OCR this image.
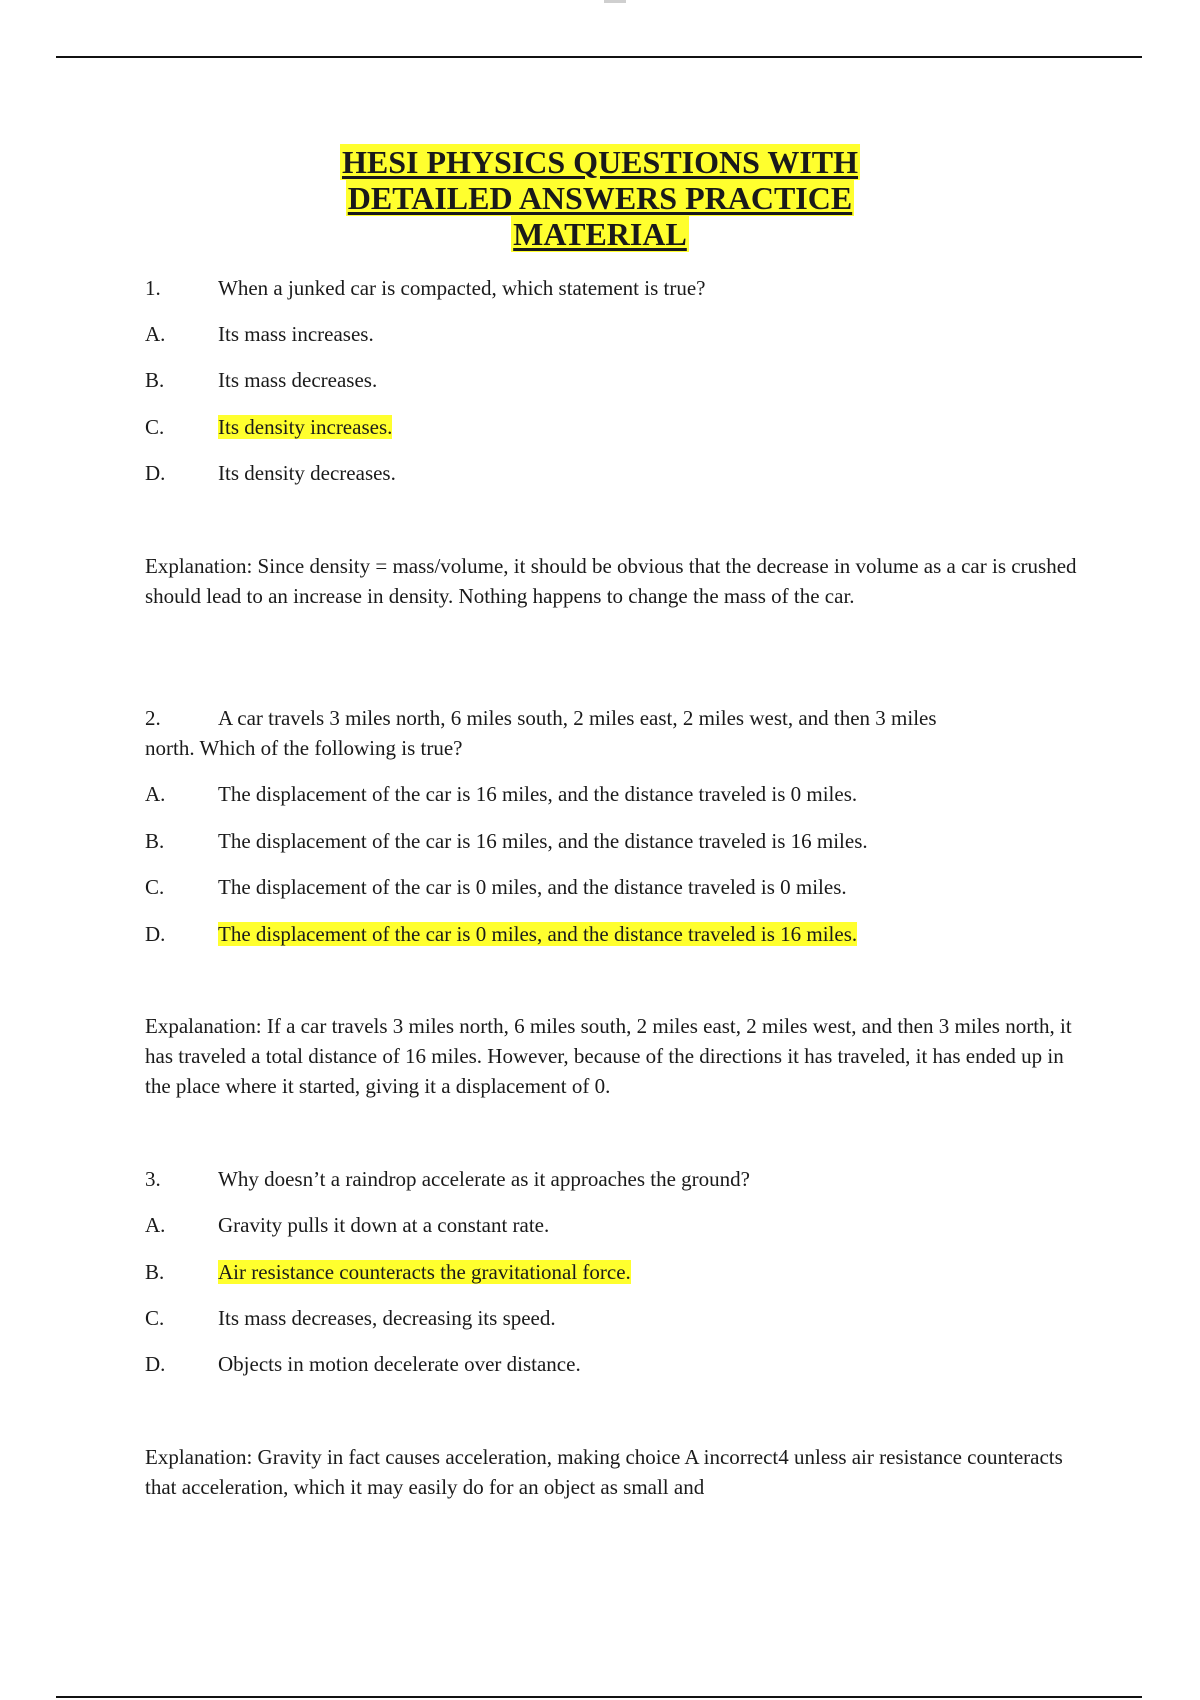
HESI PHYSICS QUESTIONS WITH
DETAILED ANSWERS PRACTICE
MATERIAL
1.	When a junked car is compacted, which statement is true?
A.	Its mass increases.
B.	Its mass decreases.
C.	Its density increases.
D.	Its density decreases.
Explanation: Since density = mass/volume, it should be obvious that the decrease in volume as a car is crushed should lead to an increase in density. Nothing happens to change the mass of the car.
2.	A car travels 3 miles north, 6 miles south, 2 miles east, 2 miles west, and then 3 miles
north. Which of the following is true?
A.	The displacement of the car is 16 miles, and the distance traveled is 0 miles.
B.	The displacement of the car is 16 miles, and the distance traveled is 16 miles.
C.	The displacement of the car is 0 miles, and the distance traveled is 0 miles.
D.	The displacement of the car is 0 miles, and the distance traveled is 16 miles.
Expalanation: If a car travels 3 miles north, 6 miles south, 2 miles east, 2 miles west, and then 3 miles north, it has traveled a total distance of 16 miles. However, because of the directions it has traveled, it has ended up in the place where it started, giving it a displacement of 0.
3.	Why doesn’t a raindrop accelerate as it approaches the ground?
A.	Gravity pulls it down at a constant rate.
B.	Air resistance counteracts the gravitational force.
C.	Its mass decreases, decreasing its speed.
D.	Objects in motion decelerate over distance.
Explanation: Gravity in fact causes acceleration, making choice A incorrect4 unless air resistance counteracts that acceleration, which it may easily do for an object as small and
